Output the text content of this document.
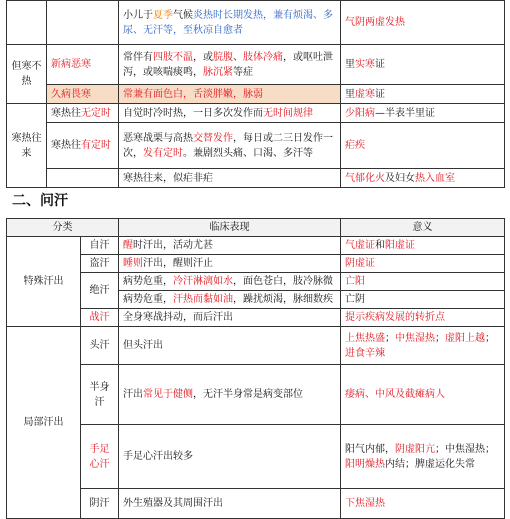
		小儿于夏季气候炎热时长期发热，兼有烦渴、多尿、无汗等，至秋凉自愈者	气阴两虚发热
但寒不热	新病恶寒	常伴有四肢不温，或脘腹、肢体冷痛，或呕吐泄泻，或咳喘痰鸣，脉沉紧等症	里实寒证
	久病畏寒	常兼有面色白，舌淡胖嫩，脉弱	里虚寒证
寒热往来	寒热往无定时	自觉时冷时热，一日多次发作而无时间规律	少阳病—半表半里证
	寒热往有定时	恶寒战栗与高热交替发作，每日或二三日发作一次，发有定时。兼剧烈头痛、口渴、多汗等	疟疾
		寒热往来，似疟非疟	气郁化火及妇女热入血室
二、问汗
分类		临床表现	意义
特殊汗出	自汗	醒时汗出，活动尤甚	气虚证和阳虚证
	盗汗	睡则汗出，醒则汗止	阴虚证
	绝汗	病势危重，冷汗淋漓如水，面色苍白，肢冷脉微	亡阳
		病势危重，汗热而黏如油，躁扰烦渴，脉细数疾	亡阴
	战汗	全身寒战抖动，而后汗出	提示疾病发展的转折点
局部汗出	头汗	但头汗出	上焦热盛；中焦湿热；虚阳上越；进食辛辣
	半身汗	汗出常见于健侧，无汗半身常是病变部位	痿病、中风及截瘫病人
	手足心汗	手足心汗出较多	阳气内郁，阴虚阳亢；中焦湿热；阳明燥热内结；脾虚运化失常
	阴汗	外生殖器及其周围汗出	下焦湿热
